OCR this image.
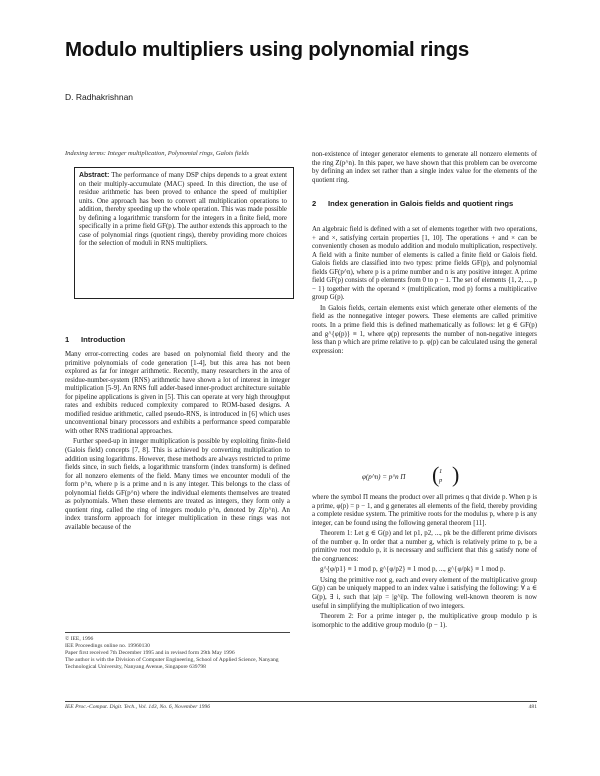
Modulo multipliers using polynomial rings
D. Radhakrishnan
Indexing terms: Integer multiplication, Polynomial rings, Galois fields

Abstract: The performance of many DSP chips depends to a great extent on their multiply-accumulate (MAC) speed. In this direction, the use of residue arithmetic has been proved to enhance the speed of multiplier units. One approach has been to convert all multiplication operations to addition, thereby speeding up the whole operation. This was made possible by defining a logarithmic transform for the integers in a finite field, more specifically in a prime field GF(p). The author extends this approach to the case of polynomial rings (quotient rings), thereby providing more choices for the selection of moduli in RNS multipliers.

1 Introduction

Many error-correcting codes are based on polynomial field theory and the primitive polynomials of code generation [1-4], but this area has not been explored as far for integer arithmetic. Recently, many researchers in the area of residue-number-system (RNS) arithmetic have shown a lot of interest in integer multiplication [5-9]. An RNS full adder-based inner-product architecture suitable for pipeline applications is given in [5]. This can operate at very high throughput rates and exhibits reduced complexity compared to ROM-based designs. A modified residue arithmetic, called pseudo-RNS, is introduced in [6] which uses unconventional binary processors and exhibits a performance speed comparable with other RNS traditional approaches.

Further speed-up in integer multiplication is possible by exploiting finite-field (Galois field) concepts [7, 8]. This is achieved by converting multiplication to addition using logarithms. However, these methods are always restricted to prime fields since, in such fields, a logarithmic transform (index transform) is defined for all nonzero elements of the field. Many times we encounter moduli of the form p^n, where p is a prime and n is any integer. This belongs to the class of polynomial fields GF(p^n) where the individual elements themselves are treated as polynomials. When these elements are treated as integers, they form only a quotient ring, called the ring of integers modulo p^n, denoted by Z(p^n). An index transform approach for integer multiplication in these rings was not available because of the

© IEE, 1996
IEE Proceedings online no. 19960130
Paper first received 7th December 1995 and in revised form 29th May 1996
The author is with the Division of Computer Engineering, School of Applied Science, Nanyang Technological University, Nanyang Avenue, Singapore 639798

non-existence of integer generator elements to generate all nonzero elements of the ring Z(p^n). In this paper, we have shown that this problem can be overcome by defining an index set rather than a single index value for the elements of the quotient ring.

2 Index generation in Galois fields and quotient rings

An algebraic field is defined with a set of elements together with two operations, + and ×, satisfying certain properties [1, 10]. The operations + and × can be conveniently chosen as modulo addition and modulo multiplication, respectively. A field with a finite number of elements is called a finite field or Galois field. Galois fields are classified into two types: prime fields GF(p), and polynomial fields GF(p^n), where p is a prime number and n is any positive integer. A prime field GF(p) consists of p elements from 0 to p − 1. The set of elements {1, 2, ..., p − 1} together with the operand × (multiplication, mod p) forms a multiplicative group G(p).

In Galois fields, certain elements exist which generate other elements of the field as the nonnegative integer powers. These elements are called primitive roots. In a prime field this is defined mathematically as follows: let g ∈ GF(p) and g^{φ(p)} ≡ 1, where φ(p) represents the number of non-negative integers less than p which are prime relative to p. φ(p) can be calculated using the general expression:

φ(p^n) = p^n Π ( 1
p )

where the symbol Π means the product over all primes q that divide p. When p is a prime, φ(p) = p − 1, and g generates all elements of the field, thereby providing a complete residue system. The primitive roots for the modulus p, where p is any integer, can be found using the following general theorem [11].

Theorem 1: Let g ∈ G(p) and let p1, p2, ..., pk be the different prime divisors of the number φ. In order that a number g, which is relatively prime to p, be a primitive root modulo p, it is necessary and sufficient that this g satisfy none of the congruences:

g^{φ/p1} ≡ 1 mod p, g^{φ/p2} ≡ 1 mod p, ..., g^{φ/pk} ≡ 1 mod p.

Using the primitive root g, each and every element of the multiplicative group G(p) can be uniquely mapped to an index value i satisfying the following: ∀ a ∈ G(p), ∃ i, such that |a|p = |g^i|p. The following well-known theorem is now useful in simplifying the multiplication of two integers.

Theorem 2: For a prime integer p, the multiplicative group modulo p is isomorphic to the additive group modulo (p − 1).

IEE Proc.-Comput. Digit. Tech., Vol. 143, No. 6, November 1996	481
